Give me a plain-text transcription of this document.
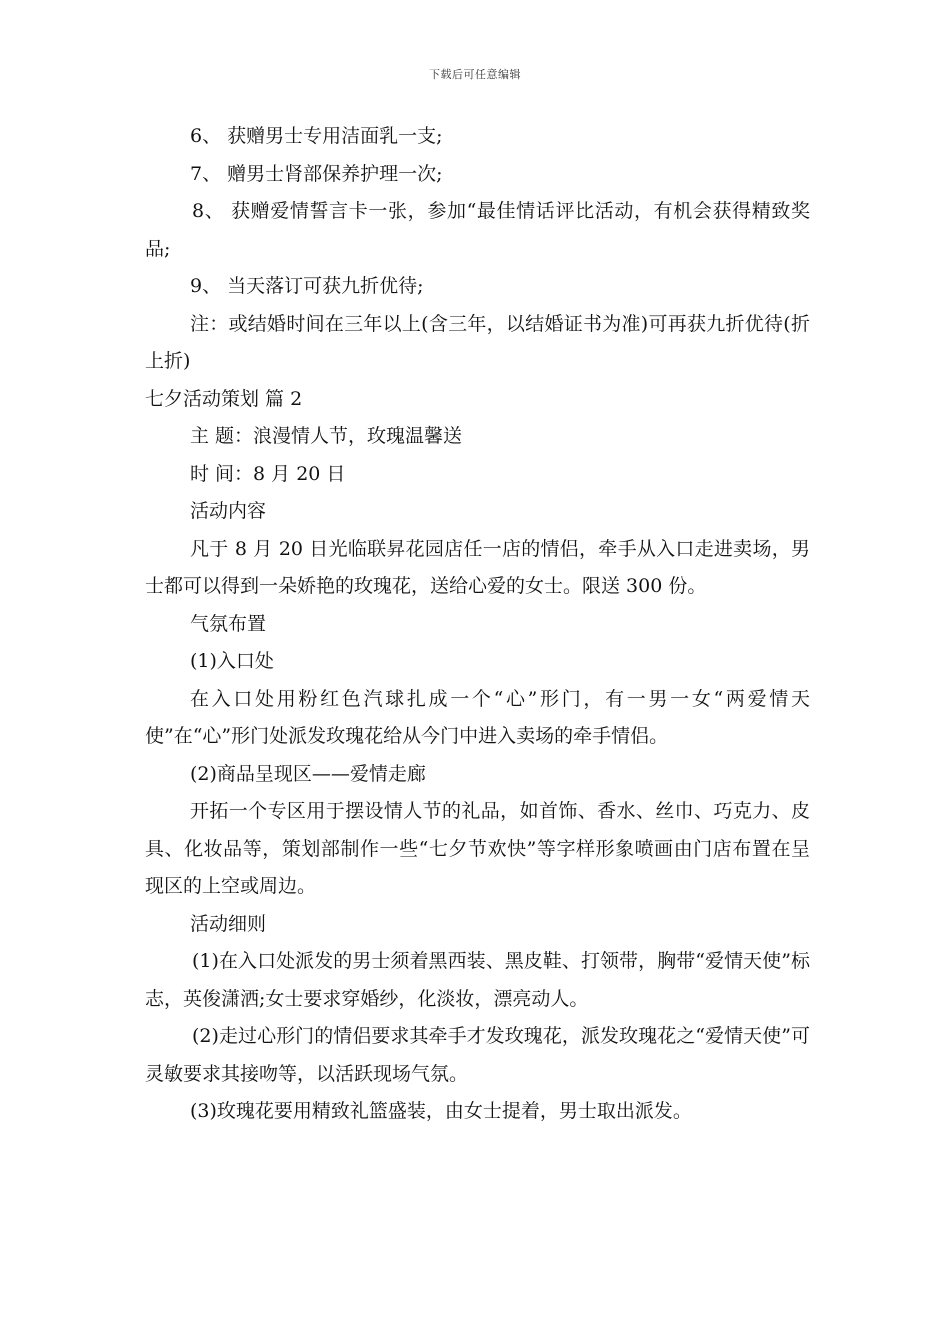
下载后可任意编辑

6、 获赠男士专用洁面乳一支;

7、 赠男士肾部保养护理一次;

8、 获赠爱情誓言卡一张，参加“最佳情话评比活动，有机会获得精致奖品;

9、 当天落订可获九折优待;

注：或结婚时间在三年以上(含三年，以结婚证书为准)可再获九折优待(折上折)

七夕活动策划 篇 2

主 题：浪漫情人节，玫瑰温馨送

时 间：8 月 20 日

活动内容

凡于 8 月 20 日光临联昇花园店任一店的情侣，牵手从入口走进卖场，男士都可以得到一朵娇艳的玫瑰花，送给心爱的女士。限送 300 份。

气氛布置

(1)入口处

在入口处用粉红色汽球扎成一个“心”形门，有一男一女“两爱情天使”在“心”形门处派发玫瑰花给从今门中进入卖场的牵手情侣。

(2)商品呈现区——爱情走廊

开拓一个专区用于摆设情人节的礼品，如首饰、香水、丝巾、巧克力、皮具、化妆品等，策划部制作一些“七夕节欢快”等字样形象喷画由门店布置在呈现区的上空或周边。

活动细则

(1)在入口处派发的男士须着黑西装、黑皮鞋、打领带，胸带“爱情天使”标志，英俊潇洒;女士要求穿婚纱，化淡妆，漂亮动人。

(2)走过心形门的情侣要求其牵手才发玫瑰花，派发玫瑰花之“爱情天使”可灵敏要求其接吻等，以活跃现场气氛。

(3)玫瑰花要用精致礼篮盛装，由女士提着，男士取出派发。
